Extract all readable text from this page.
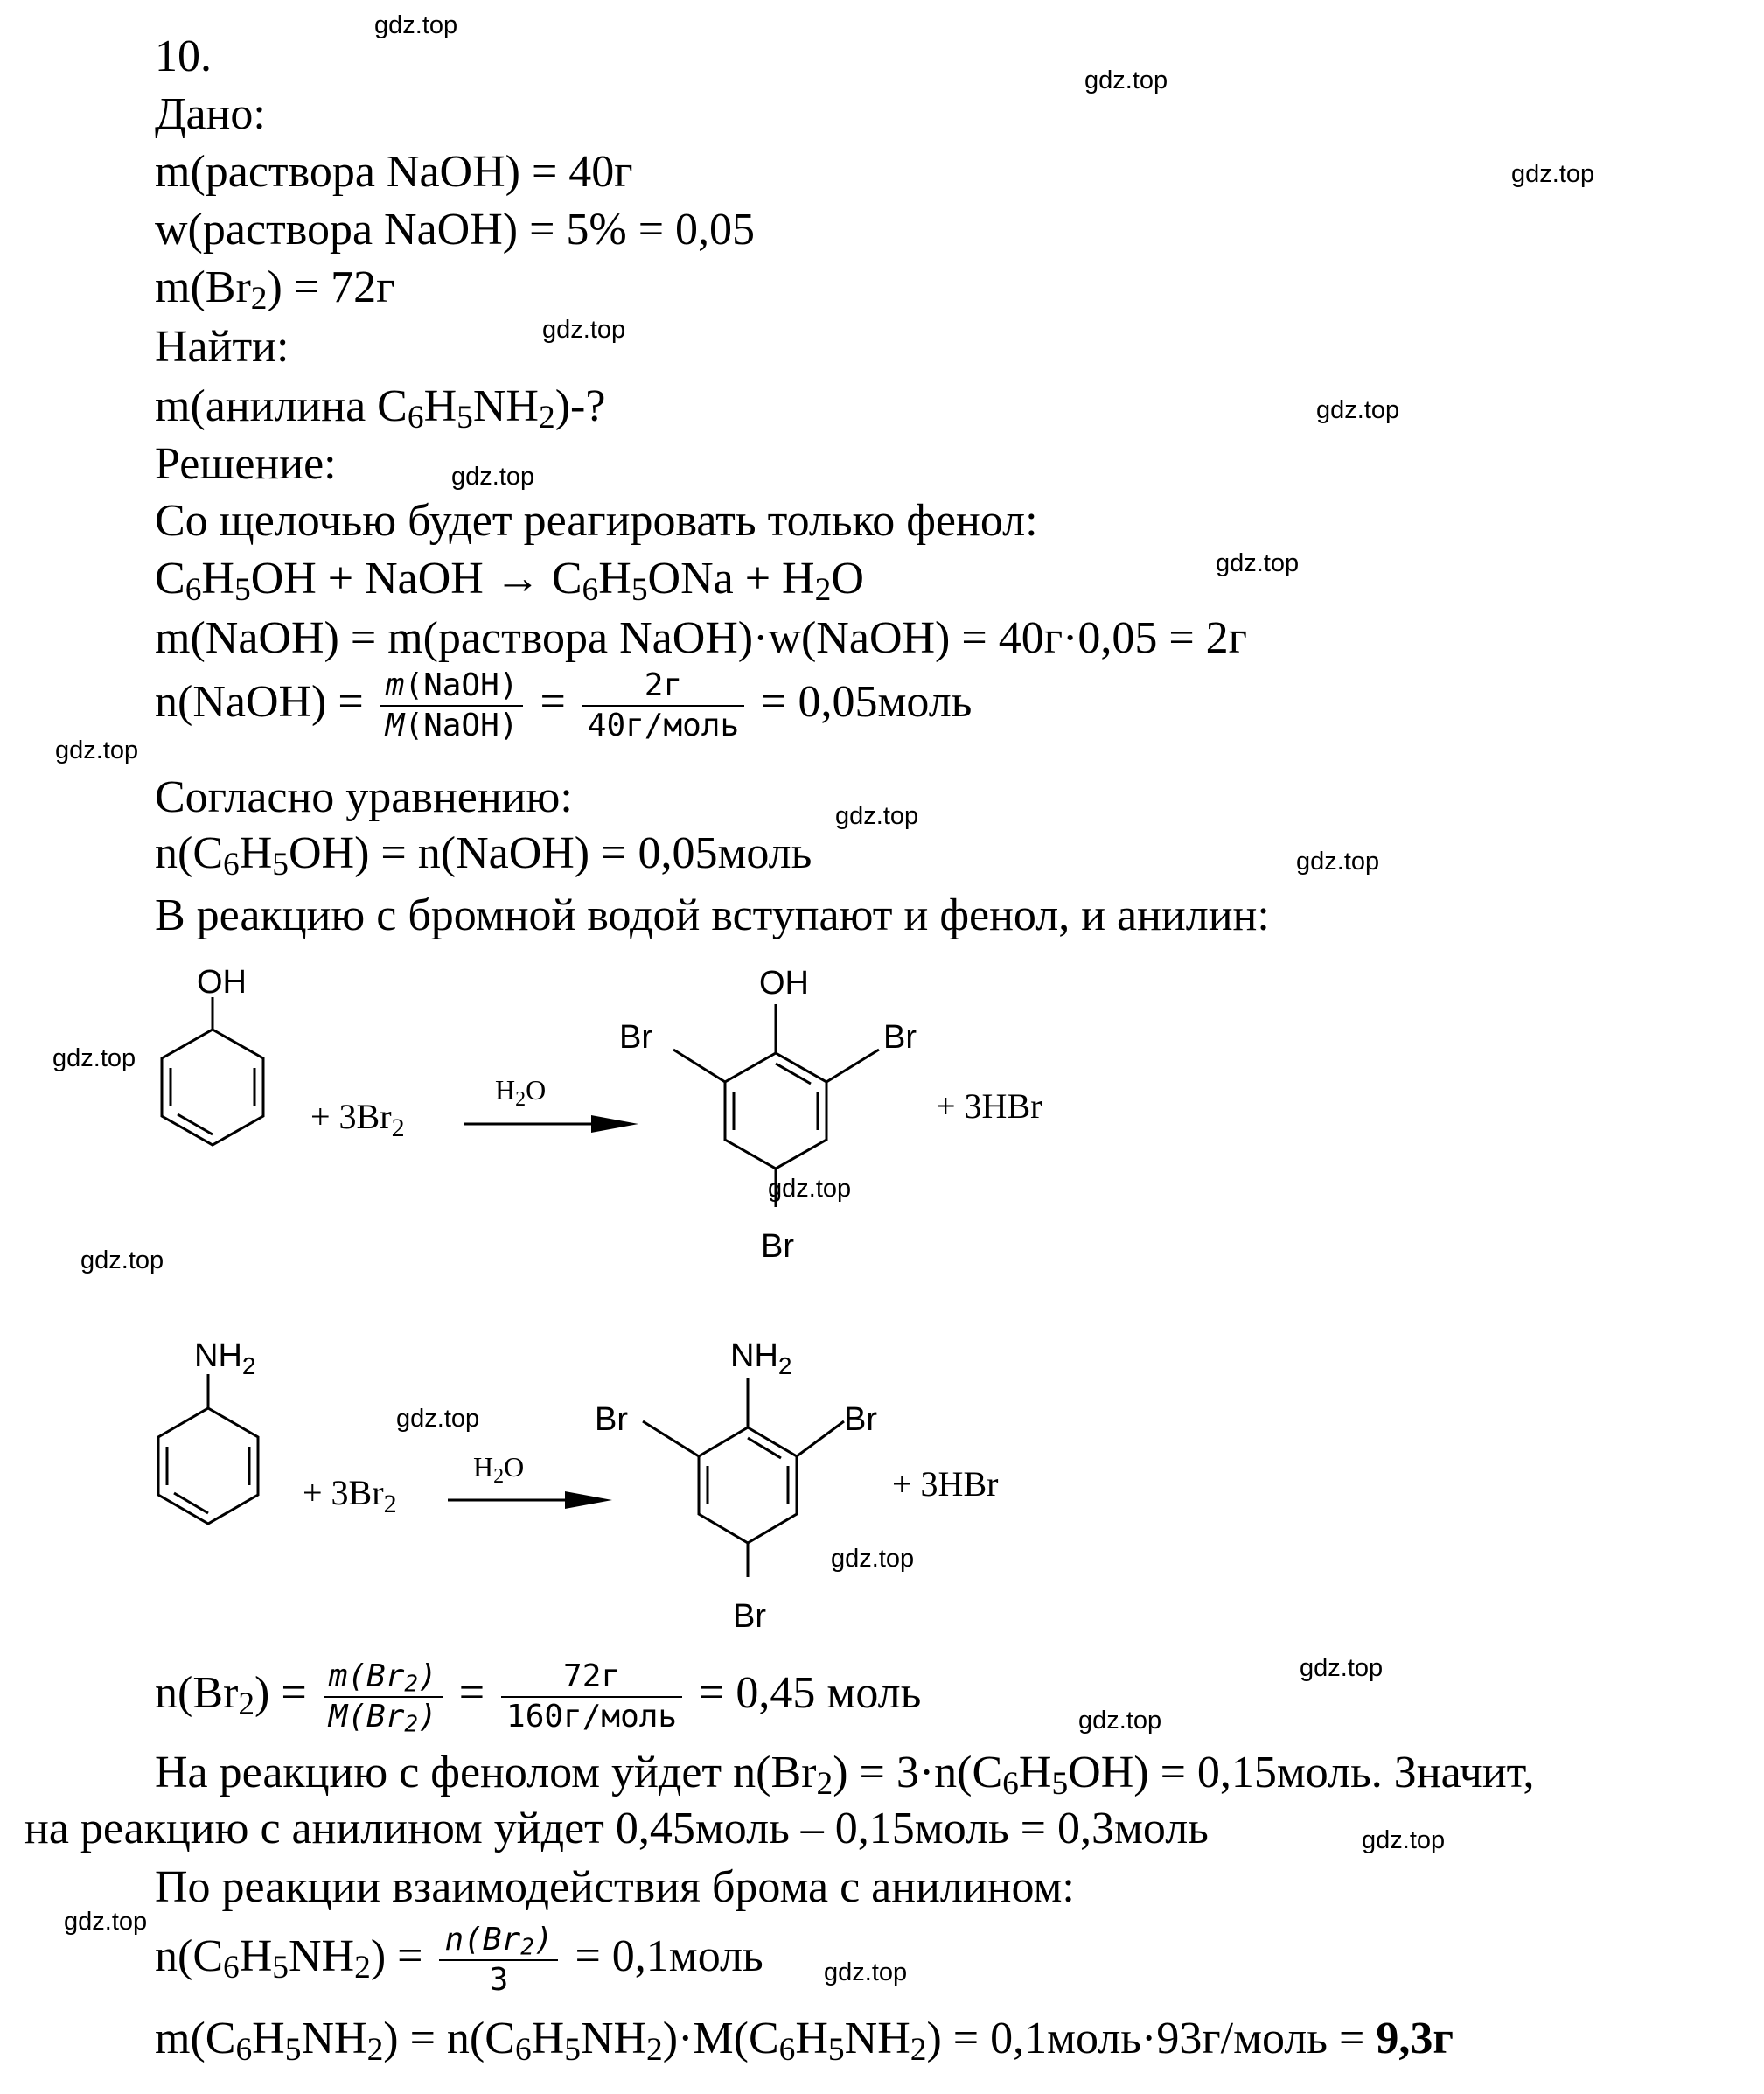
gdz.top
gdz.top
gdz.top
gdz.top
gdz.top
gdz.top
gdz.top
gdz.top
gdz.top
gdz.top
gdz.top
gdz.top
gdz.top
gdz.top
gdz.top
gdz.top
gdz.top
gdz.top
gdz.top
gdz.top
10.
Дано:
m(раствора NaOH) = 40г
w(раствора NaOH) = 5% = 0,05
$m(Br_2) = 72г$
Найти:
m(анилина $C_6H_5NH_2)-$?
Решение:
Со щелочью будет реагировать только фенол:
$C_6H_5OH$ + NaOH → $C_6H_5ONa + H_2O$
m(NaOH) = m(раствора NaOH)·w(NaOH) = 40г·0,05 = 2г
n(NaOH) = $\frac{\text{m(NaOH)}}{\text{M(NaOH)}} = \frac{2г}{\text{40г/моль}}$ = 0,05моль
Согласно уравнению:
$n(C_6H_5OH)$ = n(NaOH) = 0,05моль
В реакцию с бромной водой вступают и фенол, и анилин:
OH
+ $3Br_2$
$H_2O$
OH
Br	Br
Br
+ 3HBr
$NH_2$
+ $3Br_2$
$H_2O$
$NH_2$
Br	Br
Br
+ 3HBr
$n(Br_2) = \frac{m(Br_2)}{M(Br_2)} = \frac{72г}{\text{160г/моль}} = 0,45$ моль
На реакцию с фенолом уйдет $n(Br_2) = 3\cdot n(C_6H_5OH)$ = 0,15моль. Значит,
на реакцию с анилином уйдет 0,45моль – 0,15моль = 0,3моль
По реакции взаимодействия брома с анилином:
$n(C_6H_5NH_2) = \frac{n(Br_2)}{3}$ = 0,1моль
$m(C_6H_5NH_2) = n(C_6H_5NH_2)\cdot M(C_6H_5NH_2)$ = 0,1моль·93г/моль = 9,3г
